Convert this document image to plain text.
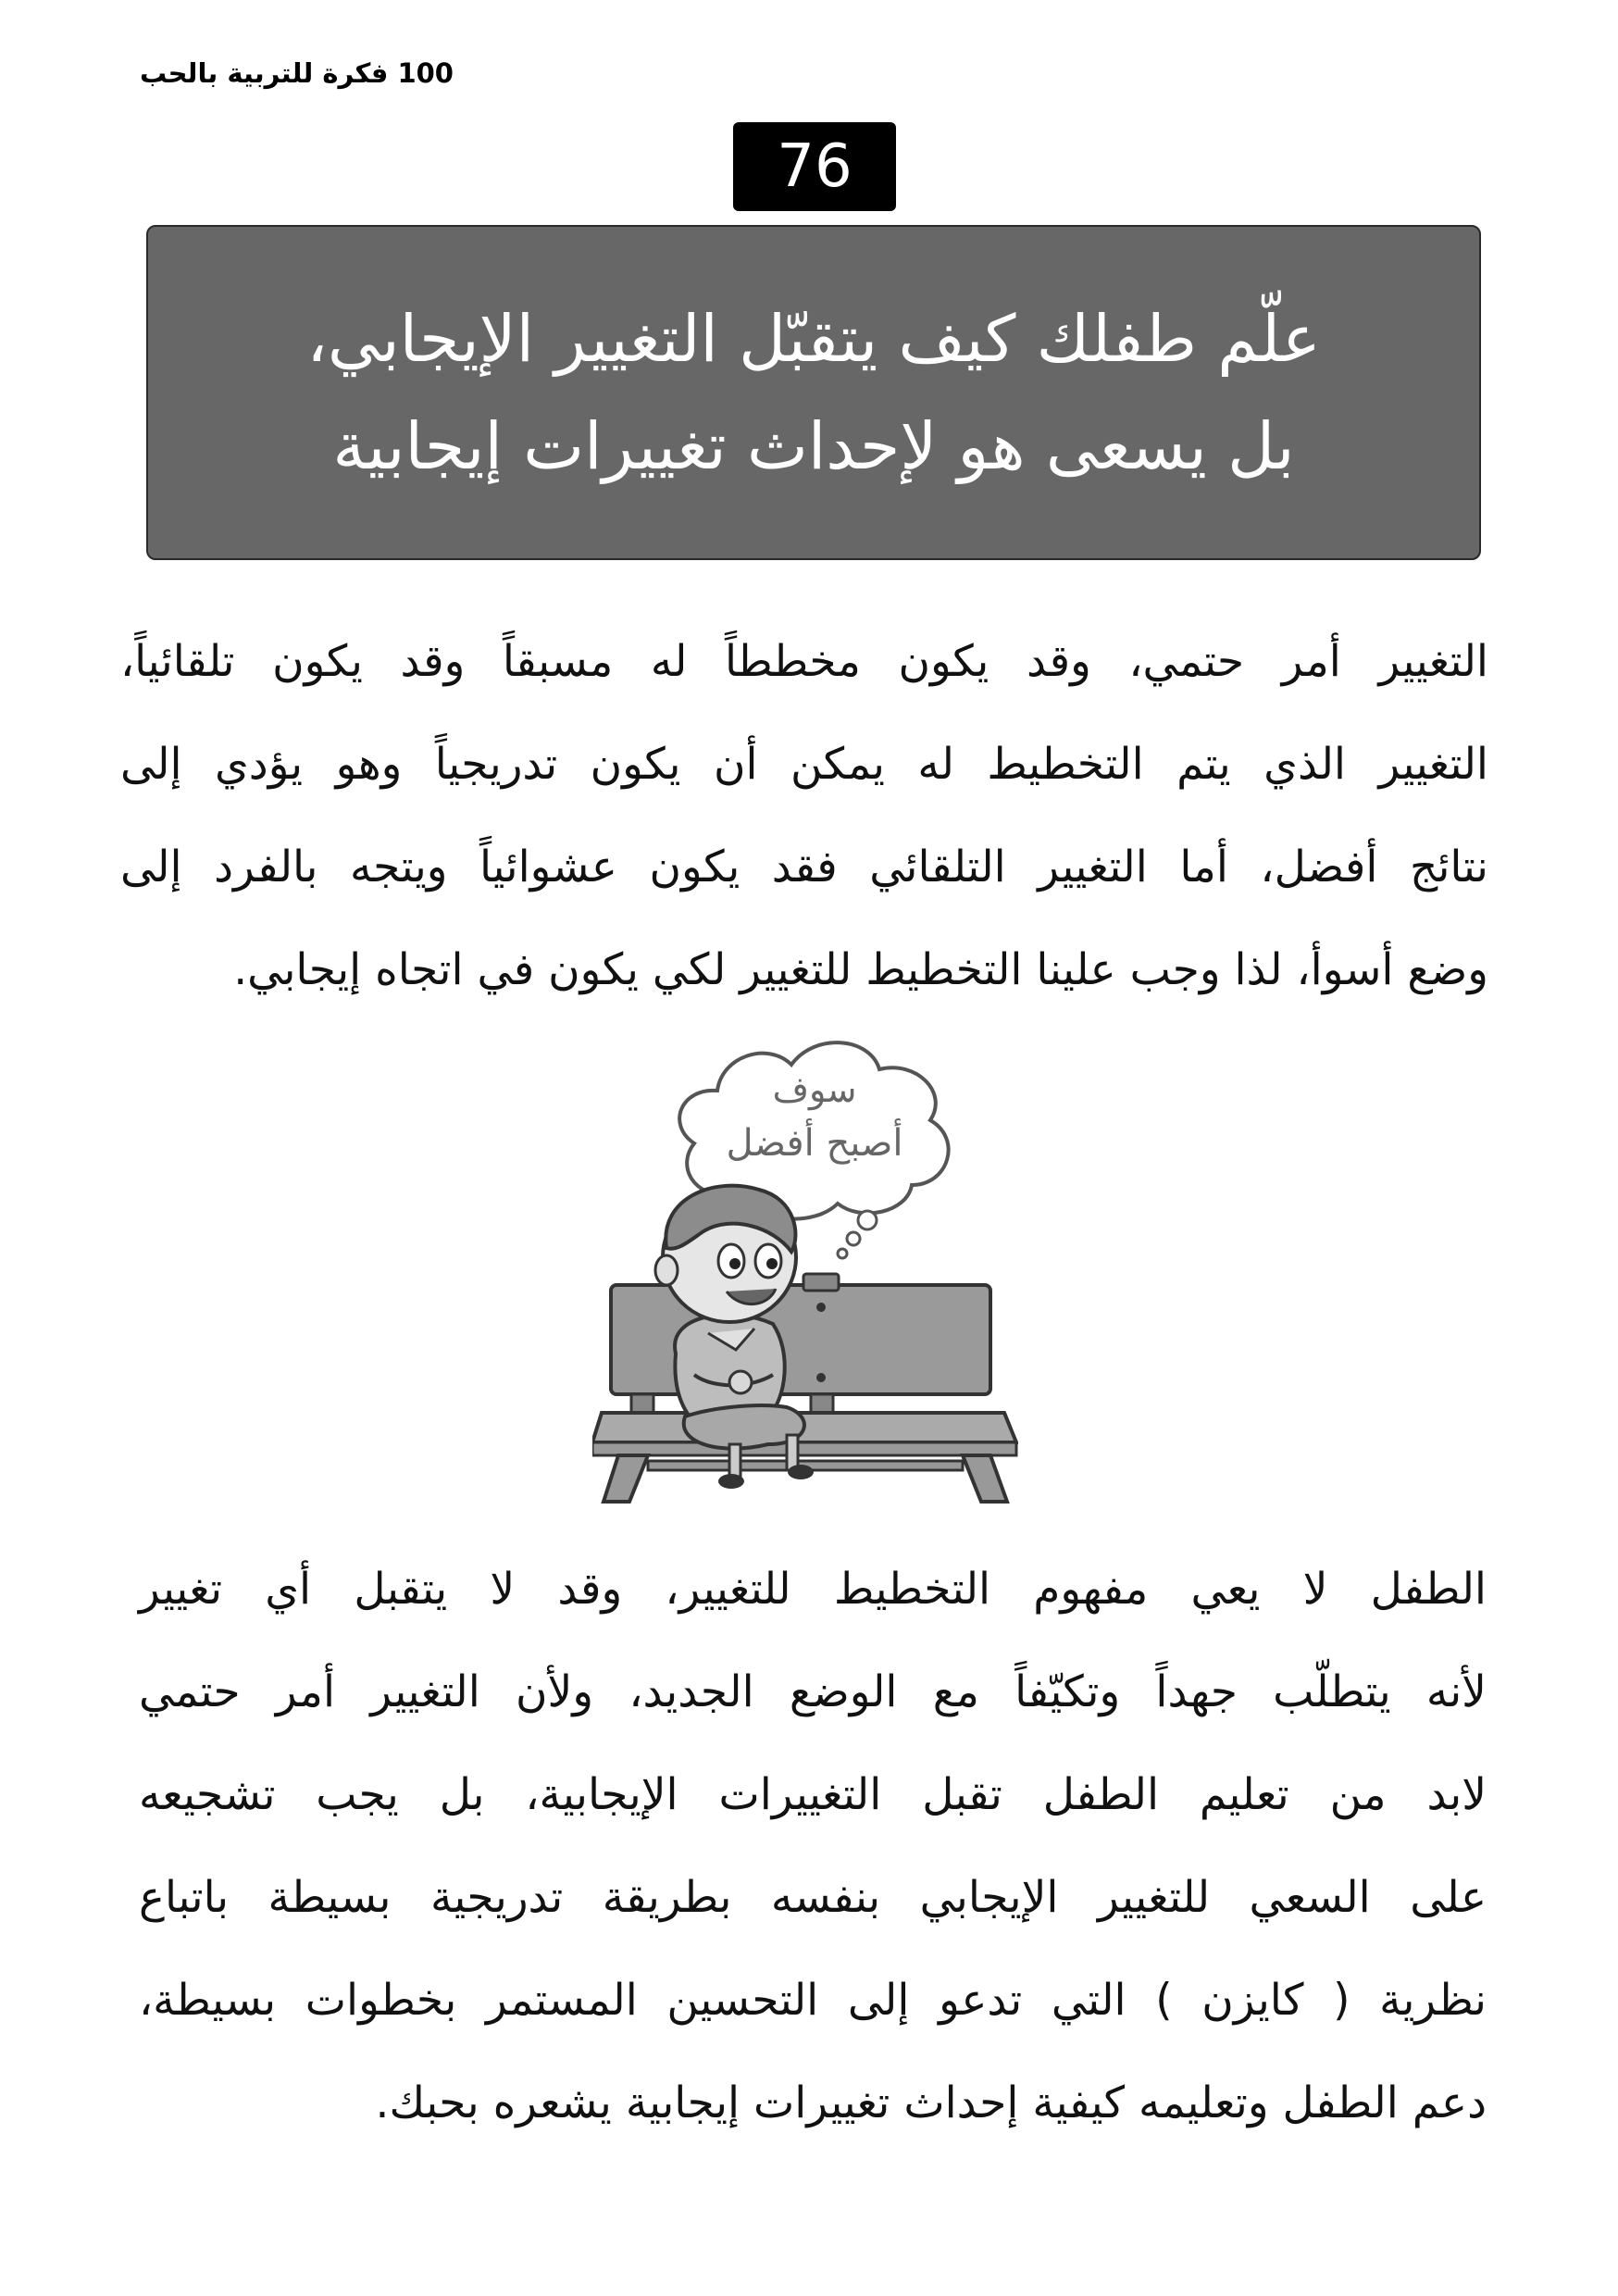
100 فكرة للتربية بالحب
76
علّم طفلك كيف يتقبّل التغيير الإيجابي،
بل يسعى هو لإحداث تغييرات إيجابية
التغيير أمر حتمي، وقد يكون مخططاً له مسبقاً وقد يكون تلقائياً،
التغيير الذي يتم التخطيط له يمكن أن يكون تدريجياً وهو يؤدي إلى
نتائج أفضل، أما التغيير التلقائي فقد يكون عشوائياً ويتجه بالفرد إلى
وضع أسوأ، لذا وجب علينا التخطيط للتغيير لكي يكون في اتجاه إيجابي.
سوف
أصبح أفضل
الطفل لا يعي مفهوم التخطيط للتغيير، وقد لا يتقبل أي تغيير
لأنه يتطلّب جهداً وتكيّفاً مع الوضع الجديد، ولأن التغيير أمر حتمي
لابد من تعليم الطفل تقبل التغييرات الإيجابية، بل يجب تشجيعه
على السعي للتغيير الإيجابي بنفسه بطريقة تدريجية بسيطة باتباع
نظرية ( كايزن ) التي تدعو إلى التحسين المستمر بخطوات بسيطة،
دعم الطفل وتعليمه كيفية إحداث تغييرات إيجابية يشعره بحبك.
